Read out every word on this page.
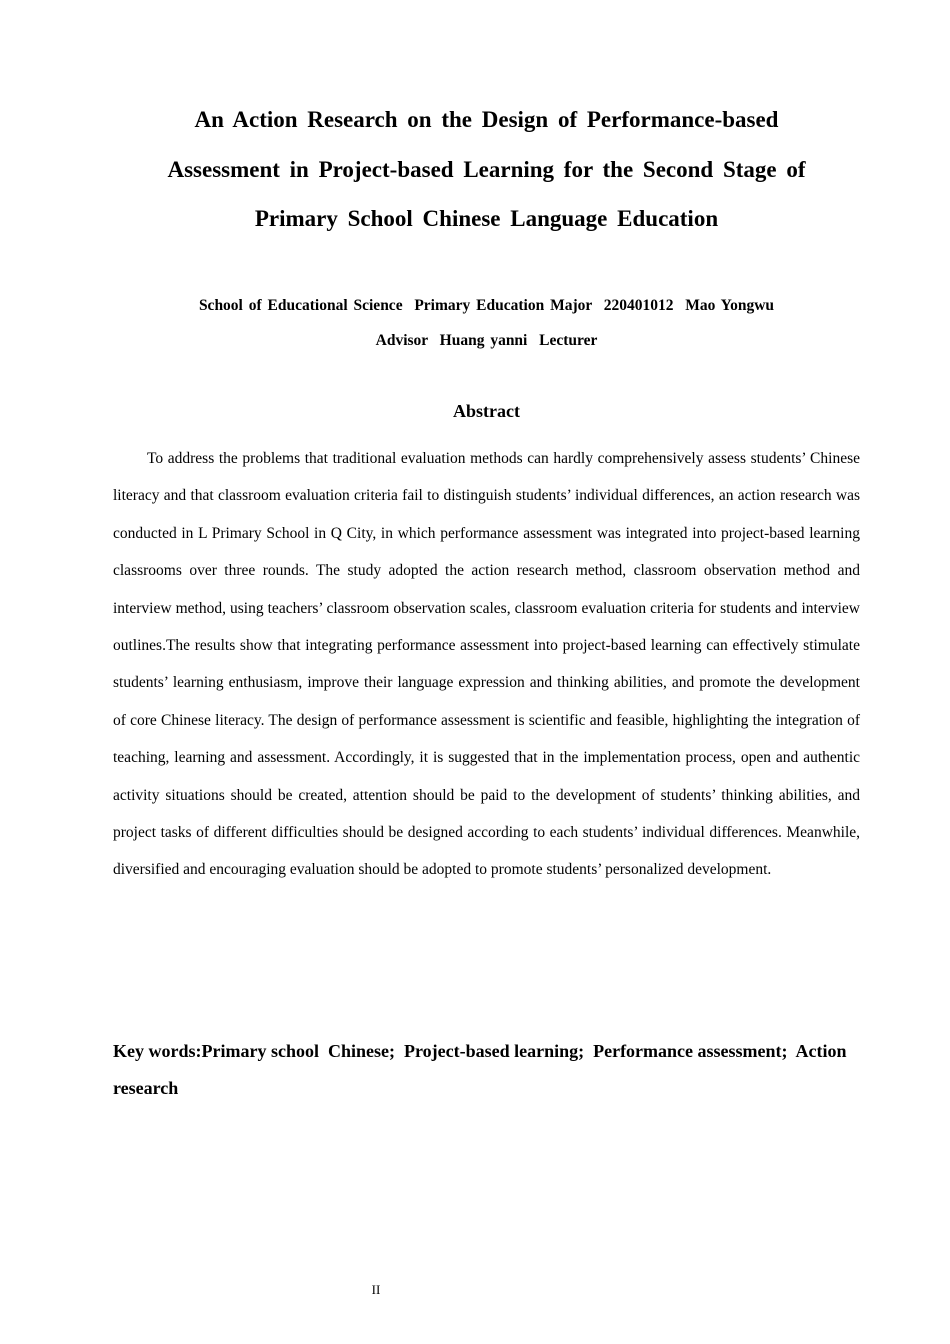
An Action Research on the Design of Performance-based
Assessment in Project-based Learning for the Second Stage of
Primary School Chinese Language Education
School of Educational Science  Primary Education Major  220401012  Mao Yongwu
Advisor  Huang yanni  Lecturer
Abstract

To address the problems that traditional evaluation methods can hardly comprehensively assess students’ Chinese literacy and that classroom evaluation criteria fail to distinguish students’ individual differences, an action research was conducted in L Primary School in Q City, in which performance assessment was integrated into project-based learning classrooms over three rounds. The study adopted the action research method, classroom observation method and interview method, using teachers’ classroom observation scales, classroom evaluation criteria for students and interview outlines.The results show that integrating performance assessment into project-based learning can effectively stimulate students’ learning enthusiasm, improve their language expression and thinking abilities, and promote the development of core Chinese literacy. The design of performance assessment is scientific and feasible, highlighting the integration of teaching, learning and assessment. Accordingly, it is suggested that in the implementation process, open and authentic activity situations should be created, attention should be paid to the development of students’ thinking abilities, and project tasks of different difficulties should be designed according to each students’ individual differences. Meanwhile, diversified and encouraging evaluation should be adopted to promote students’ personalized development.

Key words:Primary school  Chinese;  Project-based learning;  Performance assessment;  Action research

II
